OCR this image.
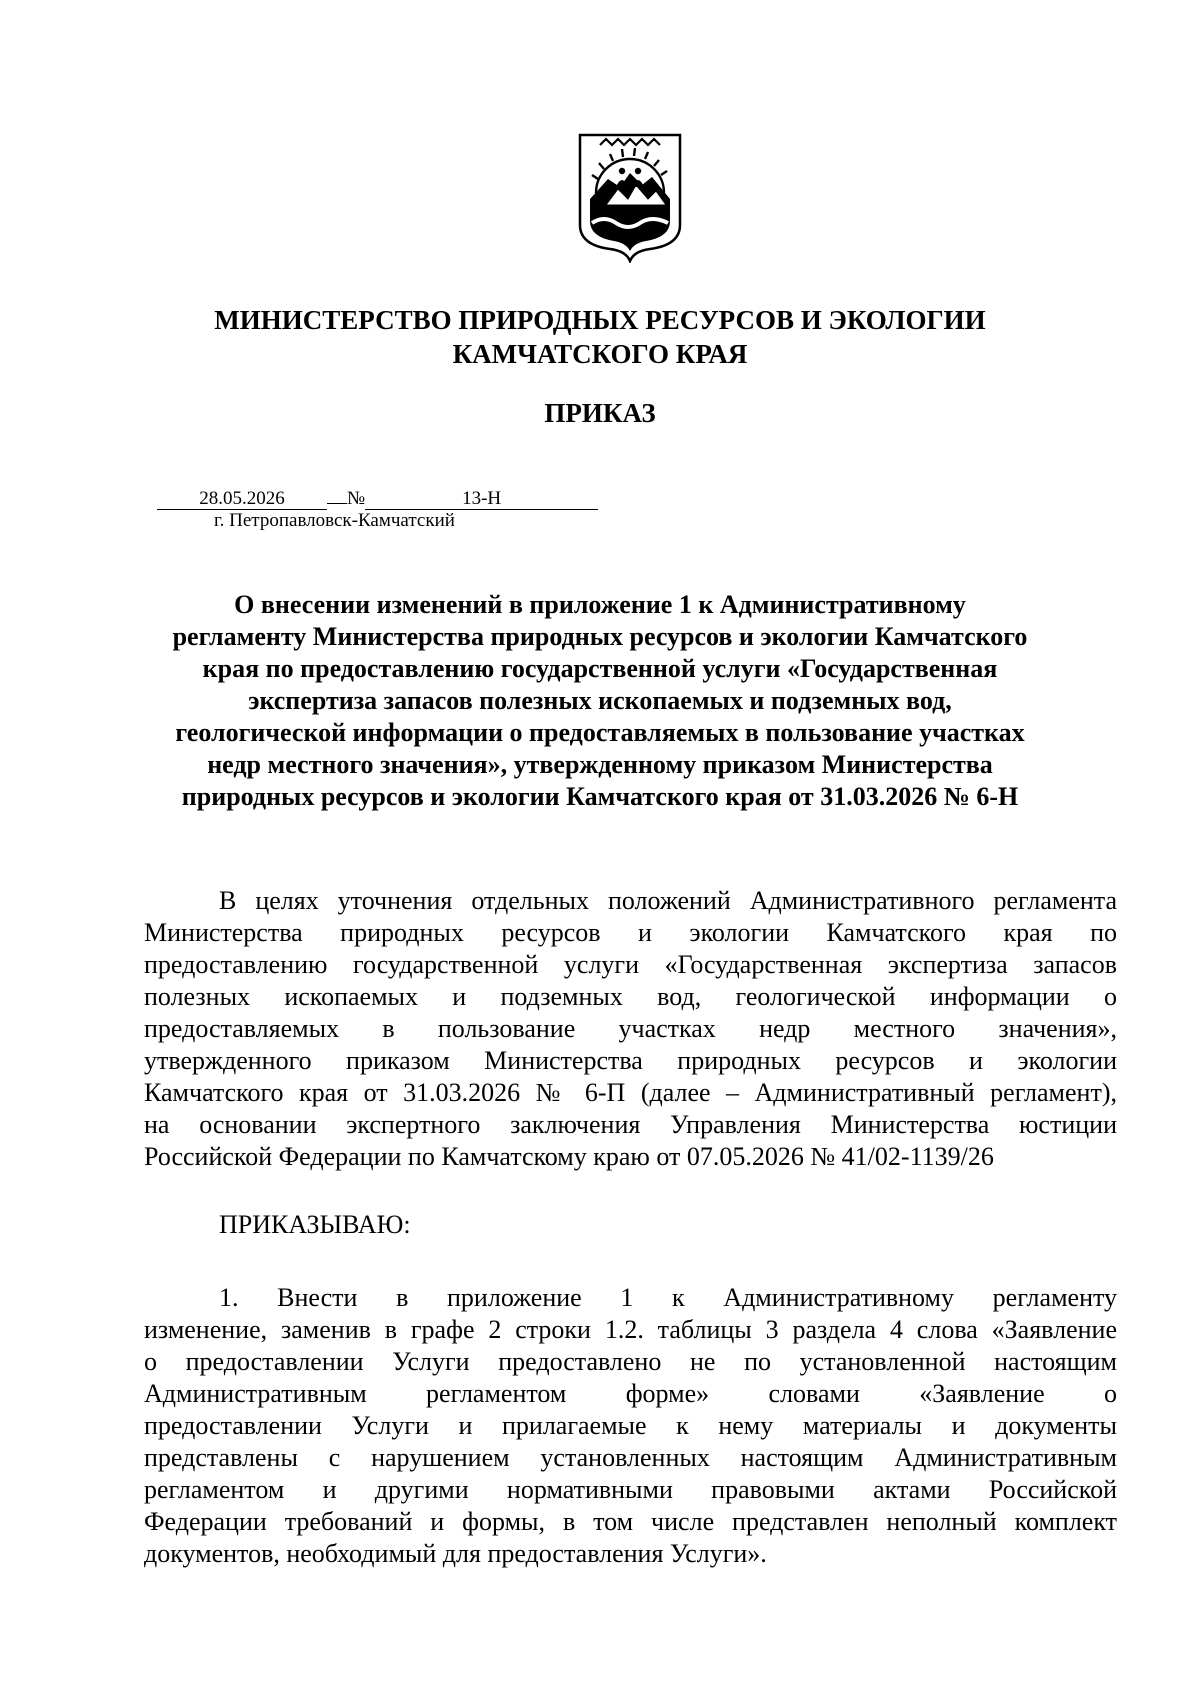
МИНИСТЕРСТВО ПРИРОДНЫХ РЕСУРСОВ И ЭКОЛОГИИ
КАМЧАТСКОГО КРАЯ
ПРИКАЗ
28.05.2026	№	13-Н
г. Петропавловск-Камчатский
О внесении изменений в приложение 1 к Административному
регламенту Министерства природных ресурсов и экологии Камчатского
края по предоставлению государственной услуги «Государственная
экспертиза запасов полезных ископаемых и подземных вод,
геологической информации о предоставляемых в пользование участках
недр местного значения», утвержденному приказом Министерства
природных ресурсов и экологии Камчатского края от 31.03.2026 № 6-Н
В целях уточнения отдельных положений Административного регламента
Министерства природных ресурсов и экологии Камчатского края по
предоставлению государственной услуги «Государственная экспертиза запасов
полезных ископаемых и подземных вод, геологической информации о
предоставляемых в пользование участках недр местного значения»,
утвержденного приказом Министерства природных ресурсов и экологии
Камчатского края от 31.03.2026 № 6-П (далее – Административный регламент),
на основании экспертного заключения Управления Министерства юстиции
Российской Федерации по Камчатскому краю от 07.05.2026 № 41/02-1139/26
ПРИКАЗЫВАЮ:
1. Внести в приложение 1 к Административному регламенту
изменение, заменив в графе 2 строки 1.2. таблицы 3 раздела 4 слова «Заявление
о предоставлении Услуги предоставлено не по установленной настоящим
Административным регламентом форме» словами «Заявление о
предоставлении Услуги и прилагаемые к нему материалы и документы
представлены с нарушением установленных настоящим Административным
регламентом и другими нормативными правовыми актами Российской
Федерации требований и формы, в том числе представлен неполный комплект
документов, необходимый для предоставления Услуги».
